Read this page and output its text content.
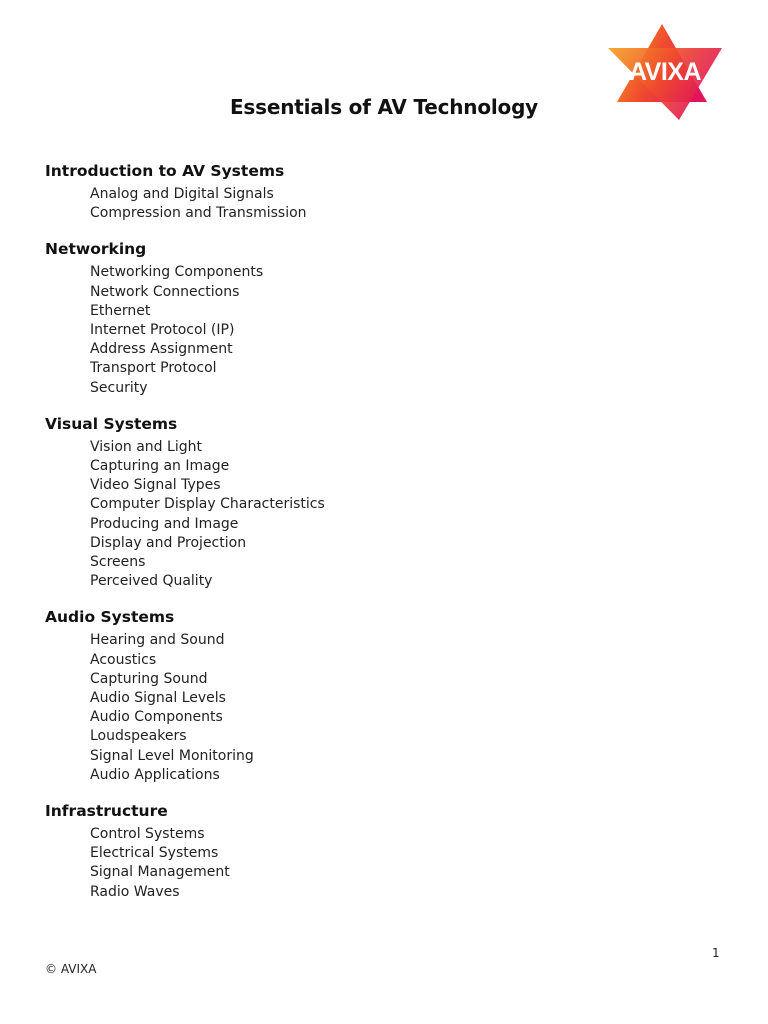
AVIXA
Essentials of AV Technology
Introduction to AV Systems
Analog and Digital Signals
Compression and Transmission
Networking
Networking Components
Network Connections
Ethernet
Internet Protocol (IP)
Address Assignment
Transport Protocol
Security
Visual Systems
Vision and Light
Capturing an Image
Video Signal Types
Computer Display Characteristics
Producing and Image
Display and Projection
Screens
Perceived Quality
Audio Systems
Hearing and Sound
Acoustics
Capturing Sound
Audio Signal Levels
Audio Components
Loudspeakers
Signal Level Monitoring
Audio Applications
Infrastructure
Control Systems
Electrical Systems
Signal Management
Radio Waves
1
© AVIXA
